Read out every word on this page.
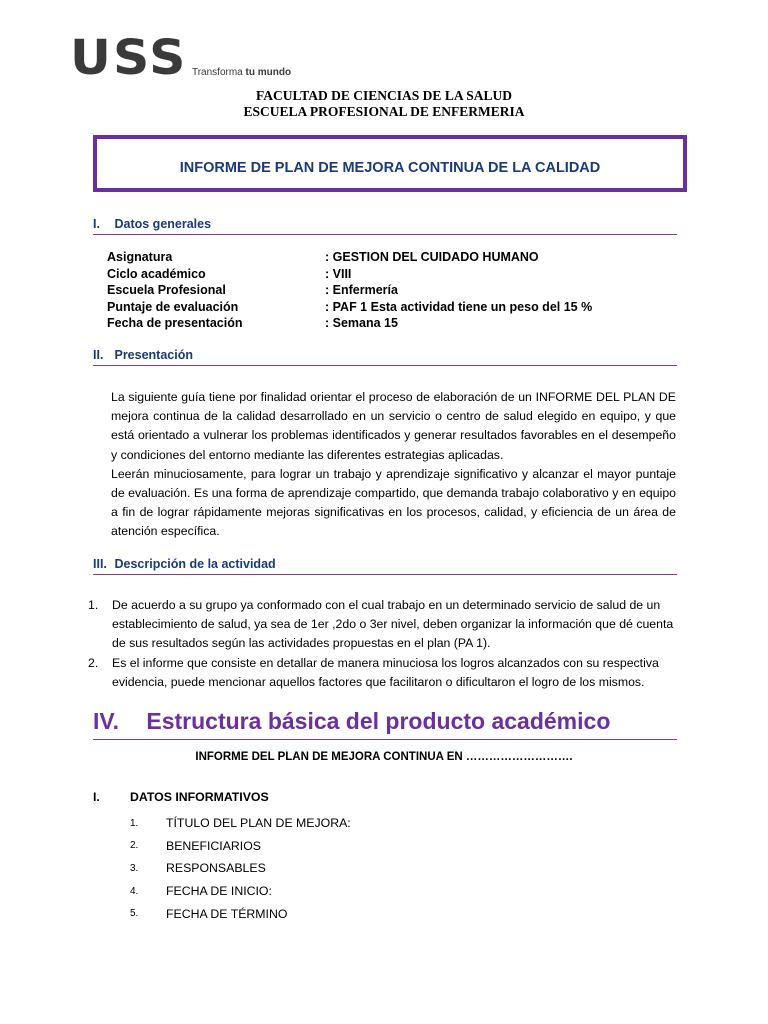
USS Transforma tu mundo
FACULTAD DE CIENCIAS DE LA SALUD
ESCUELA PROFESIONAL DE ENFERMERIA
INFORME DE PLAN DE MEJORA CONTINUA DE LA CALIDAD
I. Datos generales
Asignatura	: GESTION DEL CUIDADO HUMANO
Ciclo académico	: VIII
Escuela Profesional	: Enfermería
Puntaje de evaluación	: PAF 1 Esta actividad tiene un peso del 15 %
Fecha de presentación	: Semana 15
II. Presentación

La siguiente guía tiene por finalidad orientar el proceso de elaboración de un INFORME DEL PLAN DE mejora continua de la calidad desarrollado en un servicio o centro de salud elegido en equipo, y que está orientado a vulnerar los problemas identificados y generar resultados favorables en el desempeño y condiciones del entorno mediante las diferentes estrategias aplicadas.

Leerán minuciosamente, para lograr un trabajo y aprendizaje significativo y alcanzar el mayor puntaje de evaluación. Es una forma de aprendizaje compartido, que demanda trabajo colaborativo y en equipo a fin de lograr rápidamente mejoras significativas en los procesos, calidad, y eficiencia de un área de atención específica.

III. Descripción de la actividad
1.	De acuerdo a su grupo ya conformado con el cual trabajo en un determinado servicio de salud de un establecimiento de salud, ya sea de 1er ,2do o 3er nivel, deben organizar la información que dé cuenta de sus resultados según las actividades propuestas en el plan (PA 1).
2.	Es el informe que consiste en detallar de manera minuciosa los logros alcanzados con su respectiva evidencia, puede mencionar aquellos factores que facilitaron o dificultaron el logro de los mismos.
IV. Estructura básica del producto académico
INFORME DEL PLAN DE MEJORA CONTINUA EN ……………………….
I.	DATOS INFORMATIVOS
1.	TÍTULO DEL PLAN DE MEJORA:
2.	BENEFICIARIOS
3.	RESPONSABLES
4.	FECHA DE INICIO:
5.	FECHA DE TÉRMINO
